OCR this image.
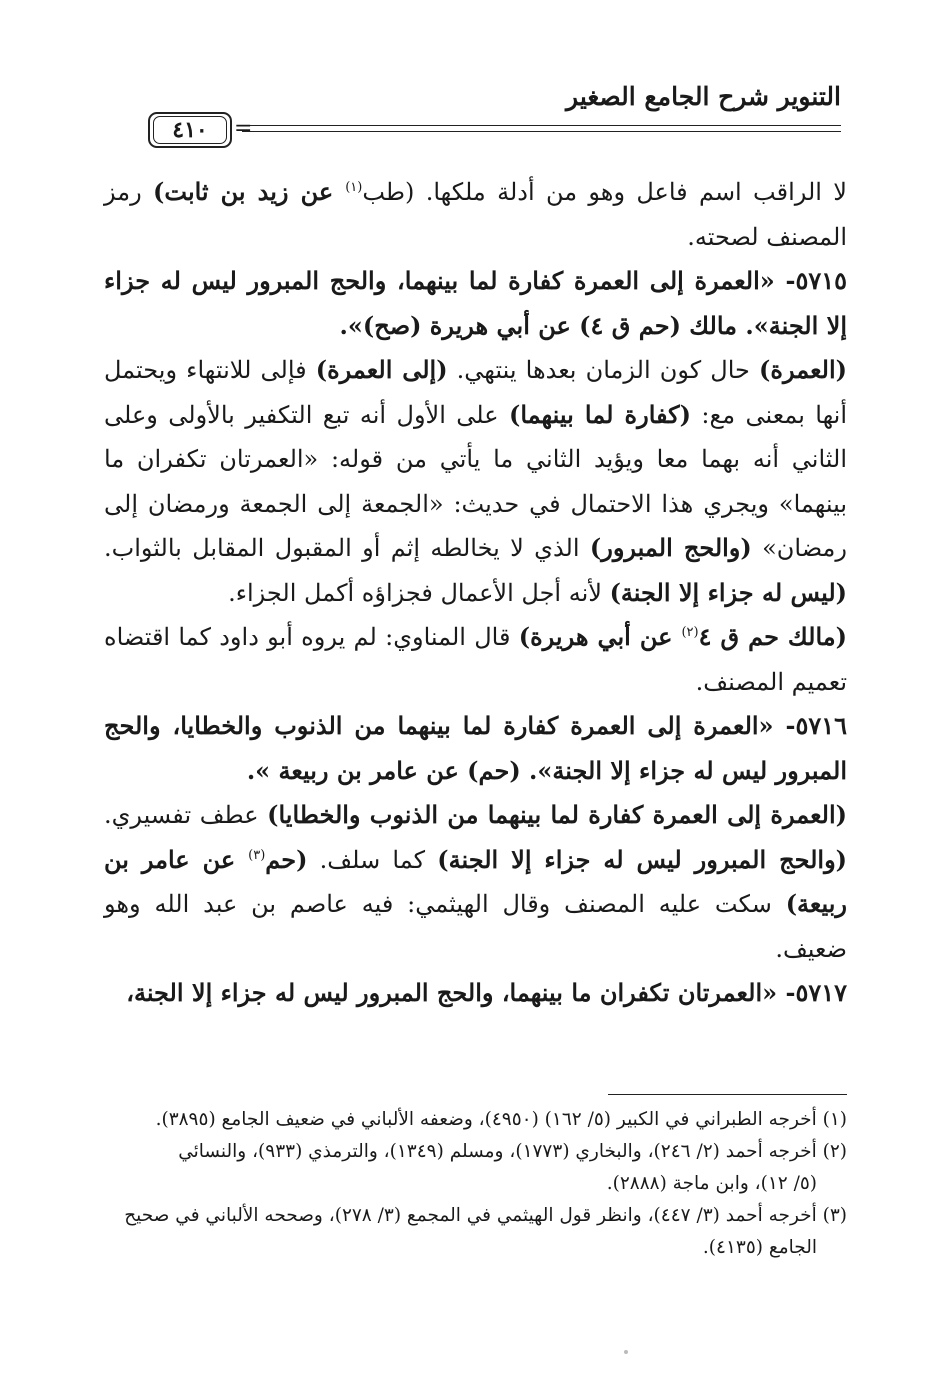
التنوير شرح الجامع الصغير
٤١٠ =

لا الراقب اسم فاعل وهو من أدلة ملكها. (طب$^{(١)}$ عن زيد بن ثابت) رمز المصنف لصحته.

٥٧١٥- «العمرة إلى العمرة كفارة لما بينهما، والحج المبرور ليس له جزاء إلا الجنة». مالك (حم ق ٤) عن أبي هريرة (صح)».

(العمرة) حال كون الزمان بعدها ينتهي. (إلى العمرة) فإلى للانتهاء ويحتمل أنها بمعنى مع: (كفارة لما بينهما) على الأول أنه تبع التكفير بالأولى وعلى الثاني أنه بهما معا ويؤيد الثاني ما يأتي من قوله: «العمرتان تكفران ما بينهما» ويجري هذا الاحتمال في حديث: «الجمعة إلى الجمعة ورمضان إلى رمضان» (والحج المبرور) الذي لا يخالطه إثم أو المقبول المقابل بالثواب. (ليس له جزاء إلا الجنة) لأنه أجل الأعمال فجزاؤه أكمل الجزاء.

(مالك حم ق ٤$^{(٢)}$ عن أبي هريرة) قال المناوي: لم يروه أبو داود كما اقتضاه تعميم المصنف.

٥٧١٦- «العمرة إلى العمرة كفارة لما بينهما من الذنوب والخطايا، والحج المبرور ليس له جزاء إلا الجنة». (حم) عن عامر بن ربيعة ».

(العمرة إلى العمرة كفارة لما بينهما من الذنوب والخطايا) عطف تفسيري. (والحج المبرور ليس له جزاء إلا الجنة) كما سلف. (حم$^{(٣)}$ عن عامر بن ربيعة) سكت عليه المصنف وقال الهيثمي: فيه عاصم بن عبد الله وهو ضعيف.

٥٧١٧- «العمرتان تكفران ما بينهما، والحج المبرور ليس له جزاء إلا الجنة،

(١) أخرجه الطبراني في الكبير (٥/ ١٦٢) (٤٩٥٠)، وضعفه الألباني في ضعيف الجامع (٣٨٩٥).

(٢) أخرجه أحمد (٢/ ٢٤٦)، والبخاري (١٧٧٣)، ومسلم (١٣٤٩)، والترمذي (٩٣٣)، والنسائي

(٥/ ١٢)، وابن ماجة (٢٨٨٨).

(٣) أخرجه أحمد (٣/ ٤٤٧)، وانظر قول الهيثمي في المجمع (٣/ ٢٧٨)، وصححه الألباني في صحيح

الجامع (٤١٣٥).
